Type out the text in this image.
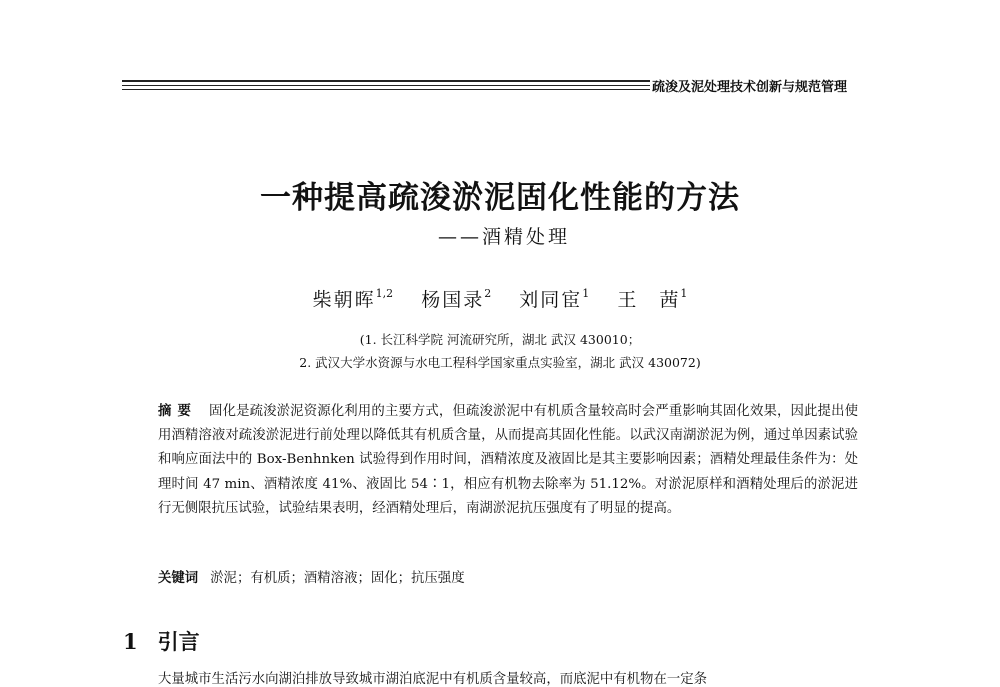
疏浚及泥处理技术创新与规范管理
一种提高疏浚淤泥固化性能的方法
——酒精处理
柴朝晖$^{1,2}$ 杨国录$^2$ 刘同宦$^1$ 王　茜$^1$
(1. 长江科学院 河流研究所，湖北 武汉 430010；
2. 武汉大学水资源与水电工程科学国家重点实验室，湖北 武汉 430072)
摘要 固化是疏浚淤泥资源化利用的主要方式，但疏浚淤泥中有机质含量较高时会严重影响其固化效果，因此提出使用酒精溶液对疏浚淤泥进行前处理以降低其有机质含量，从而提高其固化性能。以武汉南湖淤泥为例，通过单因素试验和响应面法中的 Box-Benhnken 试验得到作用时间，酒精浓度及液固比是其主要影响因素；酒精处理最佳条件为：处理时间 47 min、酒精浓度 41%、液固比 54∶1，相应有机物去除率为 51.12%。对淤泥原样和酒精处理后的淤泥进行无侧限抗压试验，试验结果表明，经酒精处理后，南湖淤泥抗压强度有了明显的提高。
关键词 淤泥；有机质；酒精溶液；固化；抗压强度
1 引言
大量城市生活污水向湖泊排放导致城市湖泊底泥中有机质含量较高，而底泥中有机物在一定条
